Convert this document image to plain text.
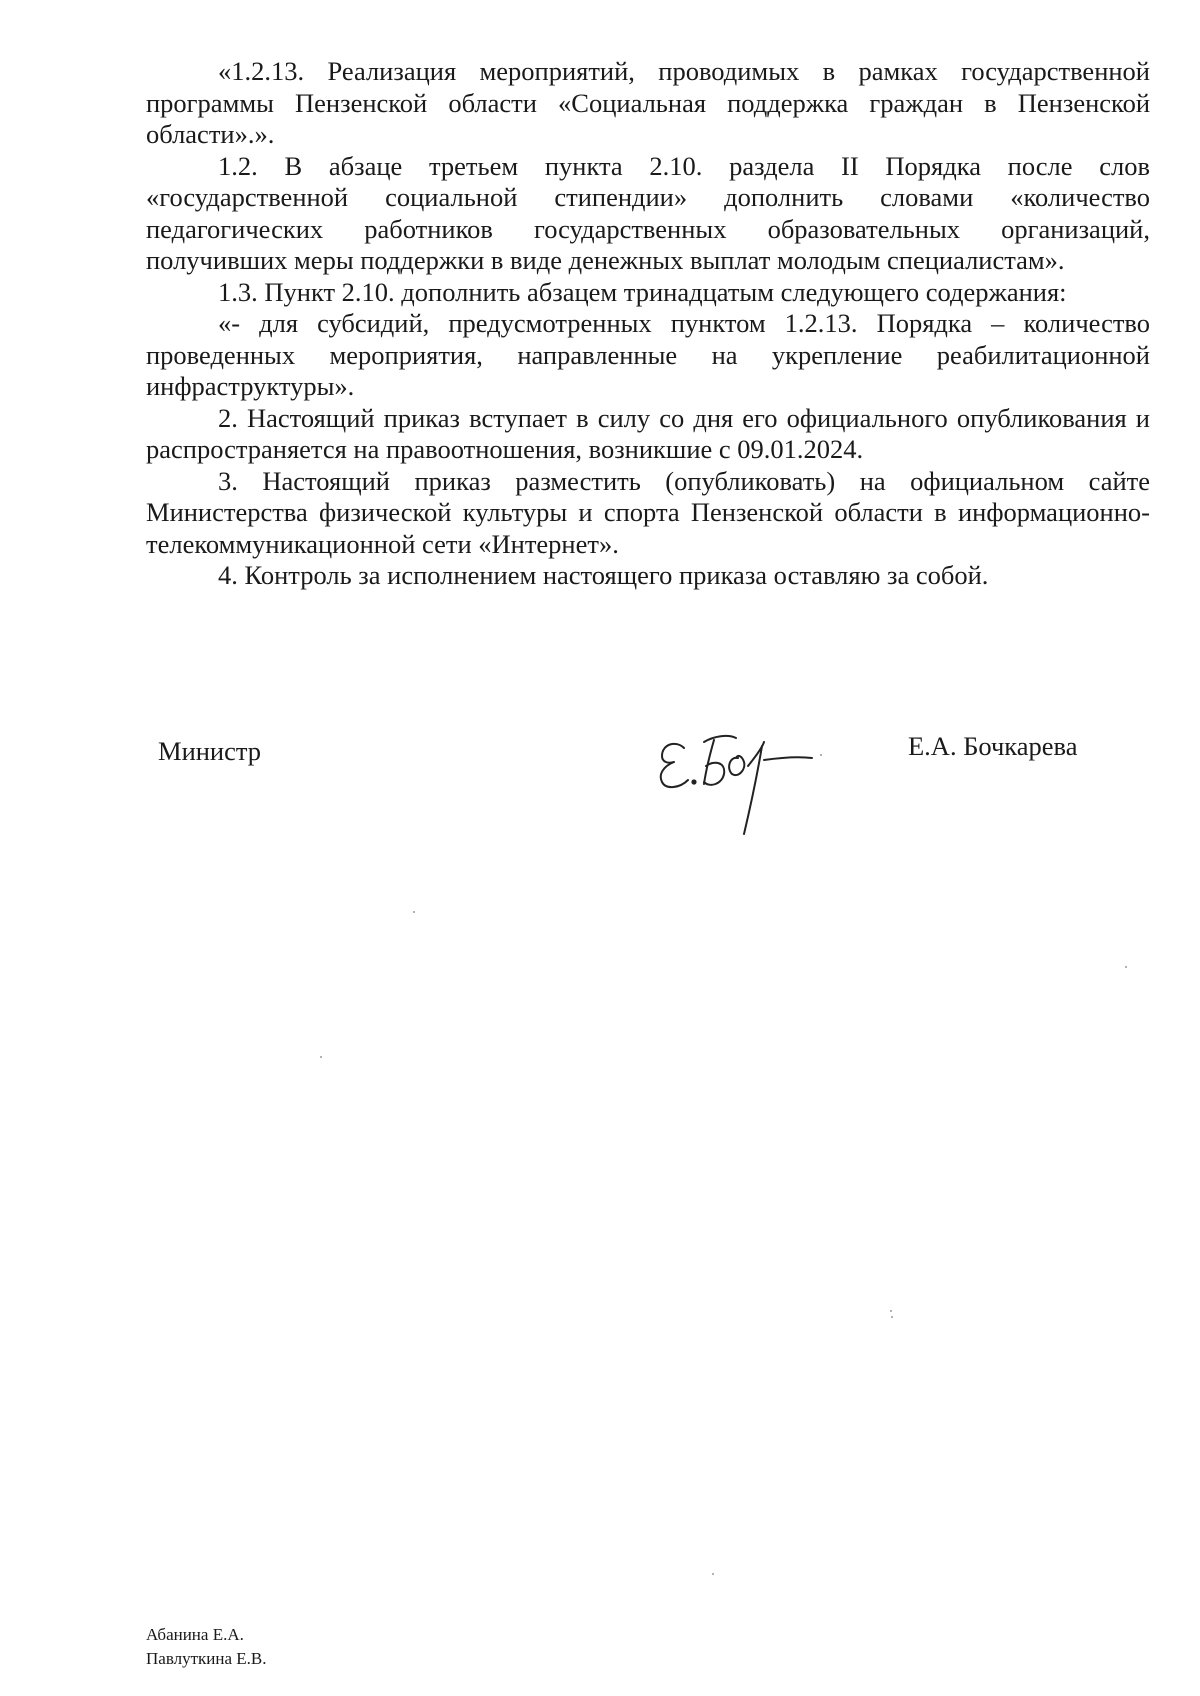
«1.2.13. Реализация мероприятий, проводимых в рамках государственной программы Пензенской области «Социальная поддержка граждан в Пензенской области».».

1.2. В абзаце третьем пункта 2.10. раздела II Порядка после слов «государственной социальной стипендии» дополнить словами «количество педагогических работников государственных образовательных организаций, получивших меры поддержки в виде денежных выплат молодым специалистам».

1.3. Пункт 2.10. дополнить абзацем тринадцатым следующего содержания:

«- для субсидий, предусмотренных пунктом 1.2.13. Порядка – количество проведенных мероприятия, направленные на укрепление реабилитационной инфраструктуры».

2. Настоящий приказ вступает в силу со дня его официального опубликования и распространяется на правоотношения, возникшие с 09.01.2024.

3. Настоящий приказ разместить (опубликовать) на официальном сайте Министерства физической культуры и спорта Пензенской области в информационно-телекоммуникационной сети «Интернет».

4. Контроль за исполнением настоящего приказа оставляю за собой.

Министр	Е.А. Бочкарева
Абанина Е.А.
Павлуткина Е.В.
